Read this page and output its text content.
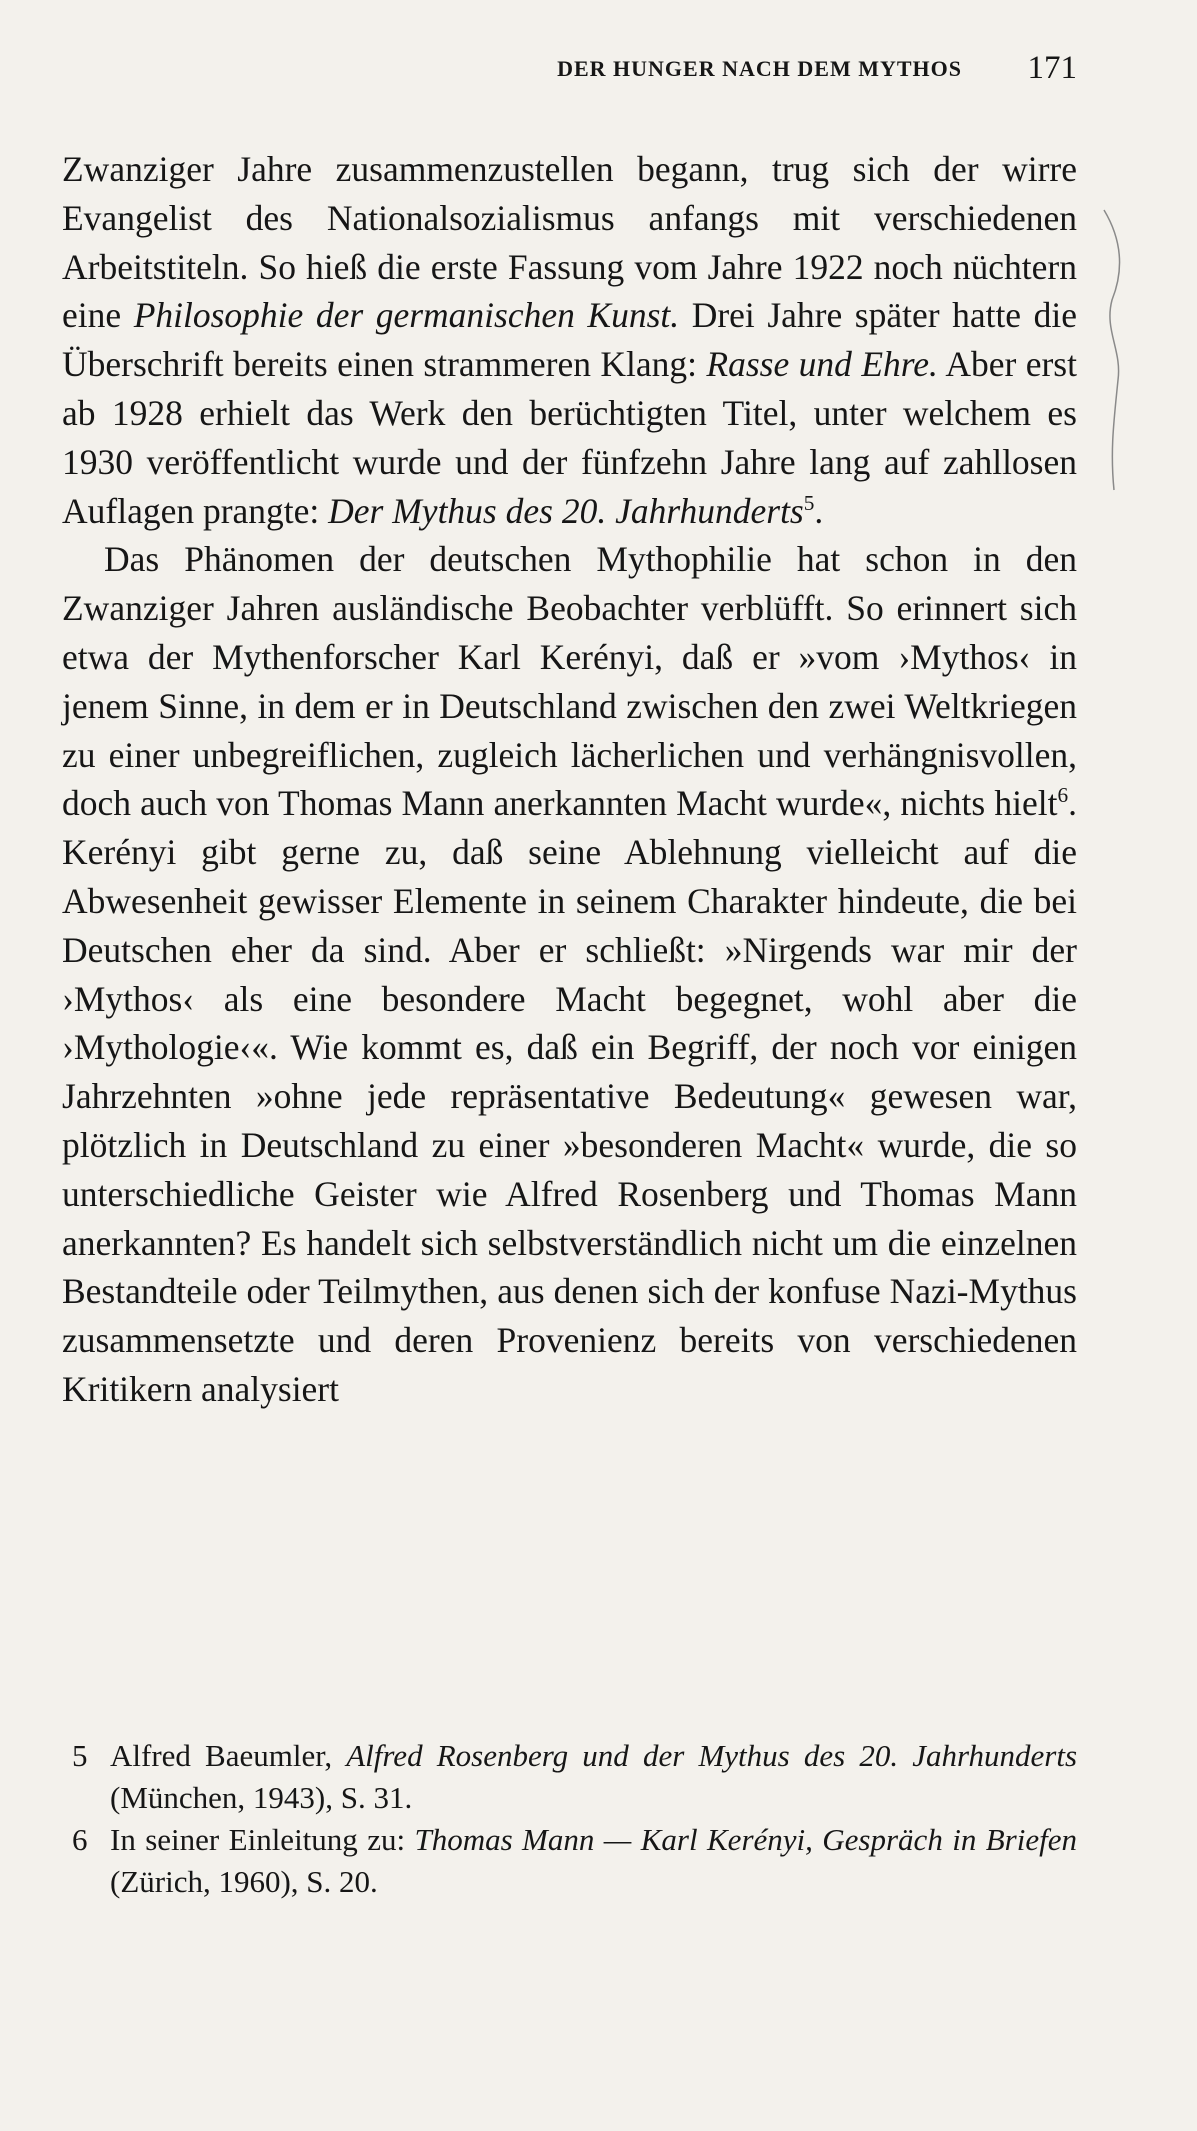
DER HUNGER NACH DEM MYTHOS 171

Zwanziger Jahre zusammenzustellen begann, trug sich der wirre Evangelist des Nationalsozialismus anfangs mit verschiedenen Arbeitstiteln. So hieß die erste Fassung vom Jahre 1922 noch nüchtern eine Philosophie der germanischen Kunst. Drei Jahre später hatte die Überschrift bereits einen strammeren Klang: Rasse und Ehre. Aber erst ab 1928 erhielt das Werk den berüchtigten Titel, unter welchem es 1930 veröffentlicht wurde und der fünfzehn Jahre lang auf zahllosen Auflagen prangte: Der Mythus des 20. Jahrhunderts$^5$.

Das Phänomen der deutschen Mythophilie hat schon in den Zwanziger Jahren ausländische Beobachter verblüfft. So erinnert sich etwa der Mythenforscher Karl Kerényi, daß er »vom ›Mythos‹ in jenem Sinne, in dem er in Deutschland zwischen den zwei Weltkriegen zu einer unbegreiflichen, zugleich lächerlichen und verhängnisvollen, doch auch von Thomas Mann anerkannten Macht wurde«, nichts hielt$^6$. Kerényi gibt gerne zu, daß seine Ablehnung vielleicht auf die Abwesenheit gewisser Elemente in seinem Charakter hindeute, die bei Deutschen eher da sind. Aber er schließt: »Nirgends war mir der ›Mythos‹ als eine besondere Macht begegnet, wohl aber die ›Mythologie‹«. Wie kommt es, daß ein Begriff, der noch vor einigen Jahrzehnten »ohne jede repräsentative Bedeutung« gewesen war, plötzlich in Deutschland zu einer »besonderen Macht« wurde, die so unterschiedliche Geister wie Alfred Rosenberg und Thomas Mann anerkannten? Es handelt sich selbstverständlich nicht um die einzelnen Bestandteile oder Teilmythen, aus denen sich der konfuse Nazi-Mythus zusammensetzte und deren Provenienz bereits von verschiedenen Kritikern analysiert

5 Alfred Baeumler, Alfred Rosenberg und der Mythus des 20. Jahrhunderts (München, 1943), S. 31.

6 In seiner Einleitung zu: Thomas Mann — Karl Kerényi, Gespräch in Briefen (Zürich, 1960), S. 20.
